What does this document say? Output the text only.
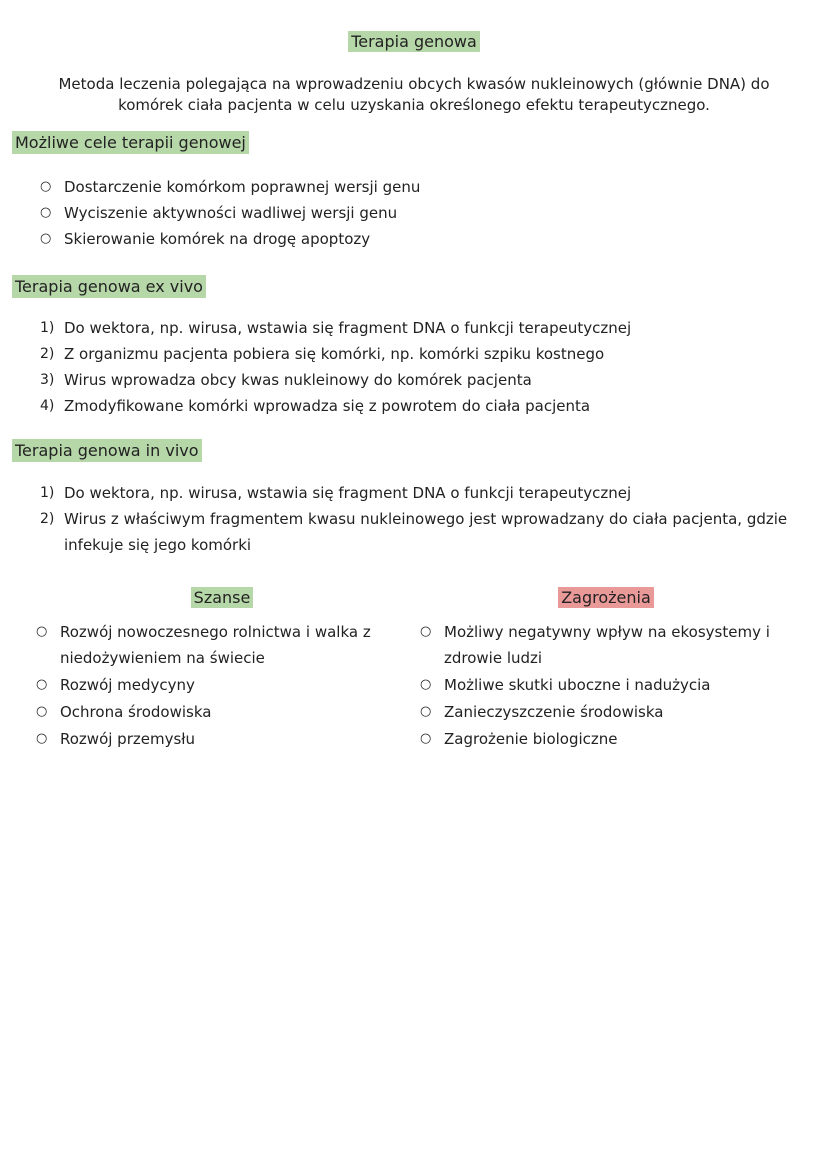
Terapia genowa
Metoda leczenia polegająca na wprowadzeniu obcych kwasów nukleinowych (głównie DNA) do komórek ciała pacjenta w celu uzyskania określonego efektu terapeutycznego.
Możliwe cele terapii genowej
○ Dostarczenie komórkom poprawnej wersji genu
○ Wyciszenie aktywności wadliwej wersji genu
○ Skierowanie komórek na drogę apoptozy
Terapia genowa ex vivo
1) Do wektora, np. wirusa, wstawia się fragment DNA o funkcji terapeutycznej
2) Z organizmu pacjenta pobiera się komórki, np. komórki szpiku kostnego
3) Wirus wprowadza obcy kwas nukleinowy do komórek pacjenta
4) Zmodyfikowane komórki wprowadza się z powrotem do ciała pacjenta
Terapia genowa in vivo
1) Do wektora, np. wirusa, wstawia się fragment DNA o funkcji terapeutycznej
2) Wirus z właściwym fragmentem kwasu nukleinowego jest wprowadzany do ciała pacjenta, gdzie infekuje się jego komórki
Szanse
○ Rozwój nowoczesnego rolnictwa i walka z niedożywieniem na świecie
○ Rozwój medycyny
○ Ochrona środowiska
○ Rozwój przemysłu
Zagrożenia
○ Możliwy negatywny wpływ na ekosystemy i zdrowie ludzi
○ Możliwe skutki uboczne i nadużycia
○ Zanieczyszczenie środowiska
○ Zagrożenie biologiczne
